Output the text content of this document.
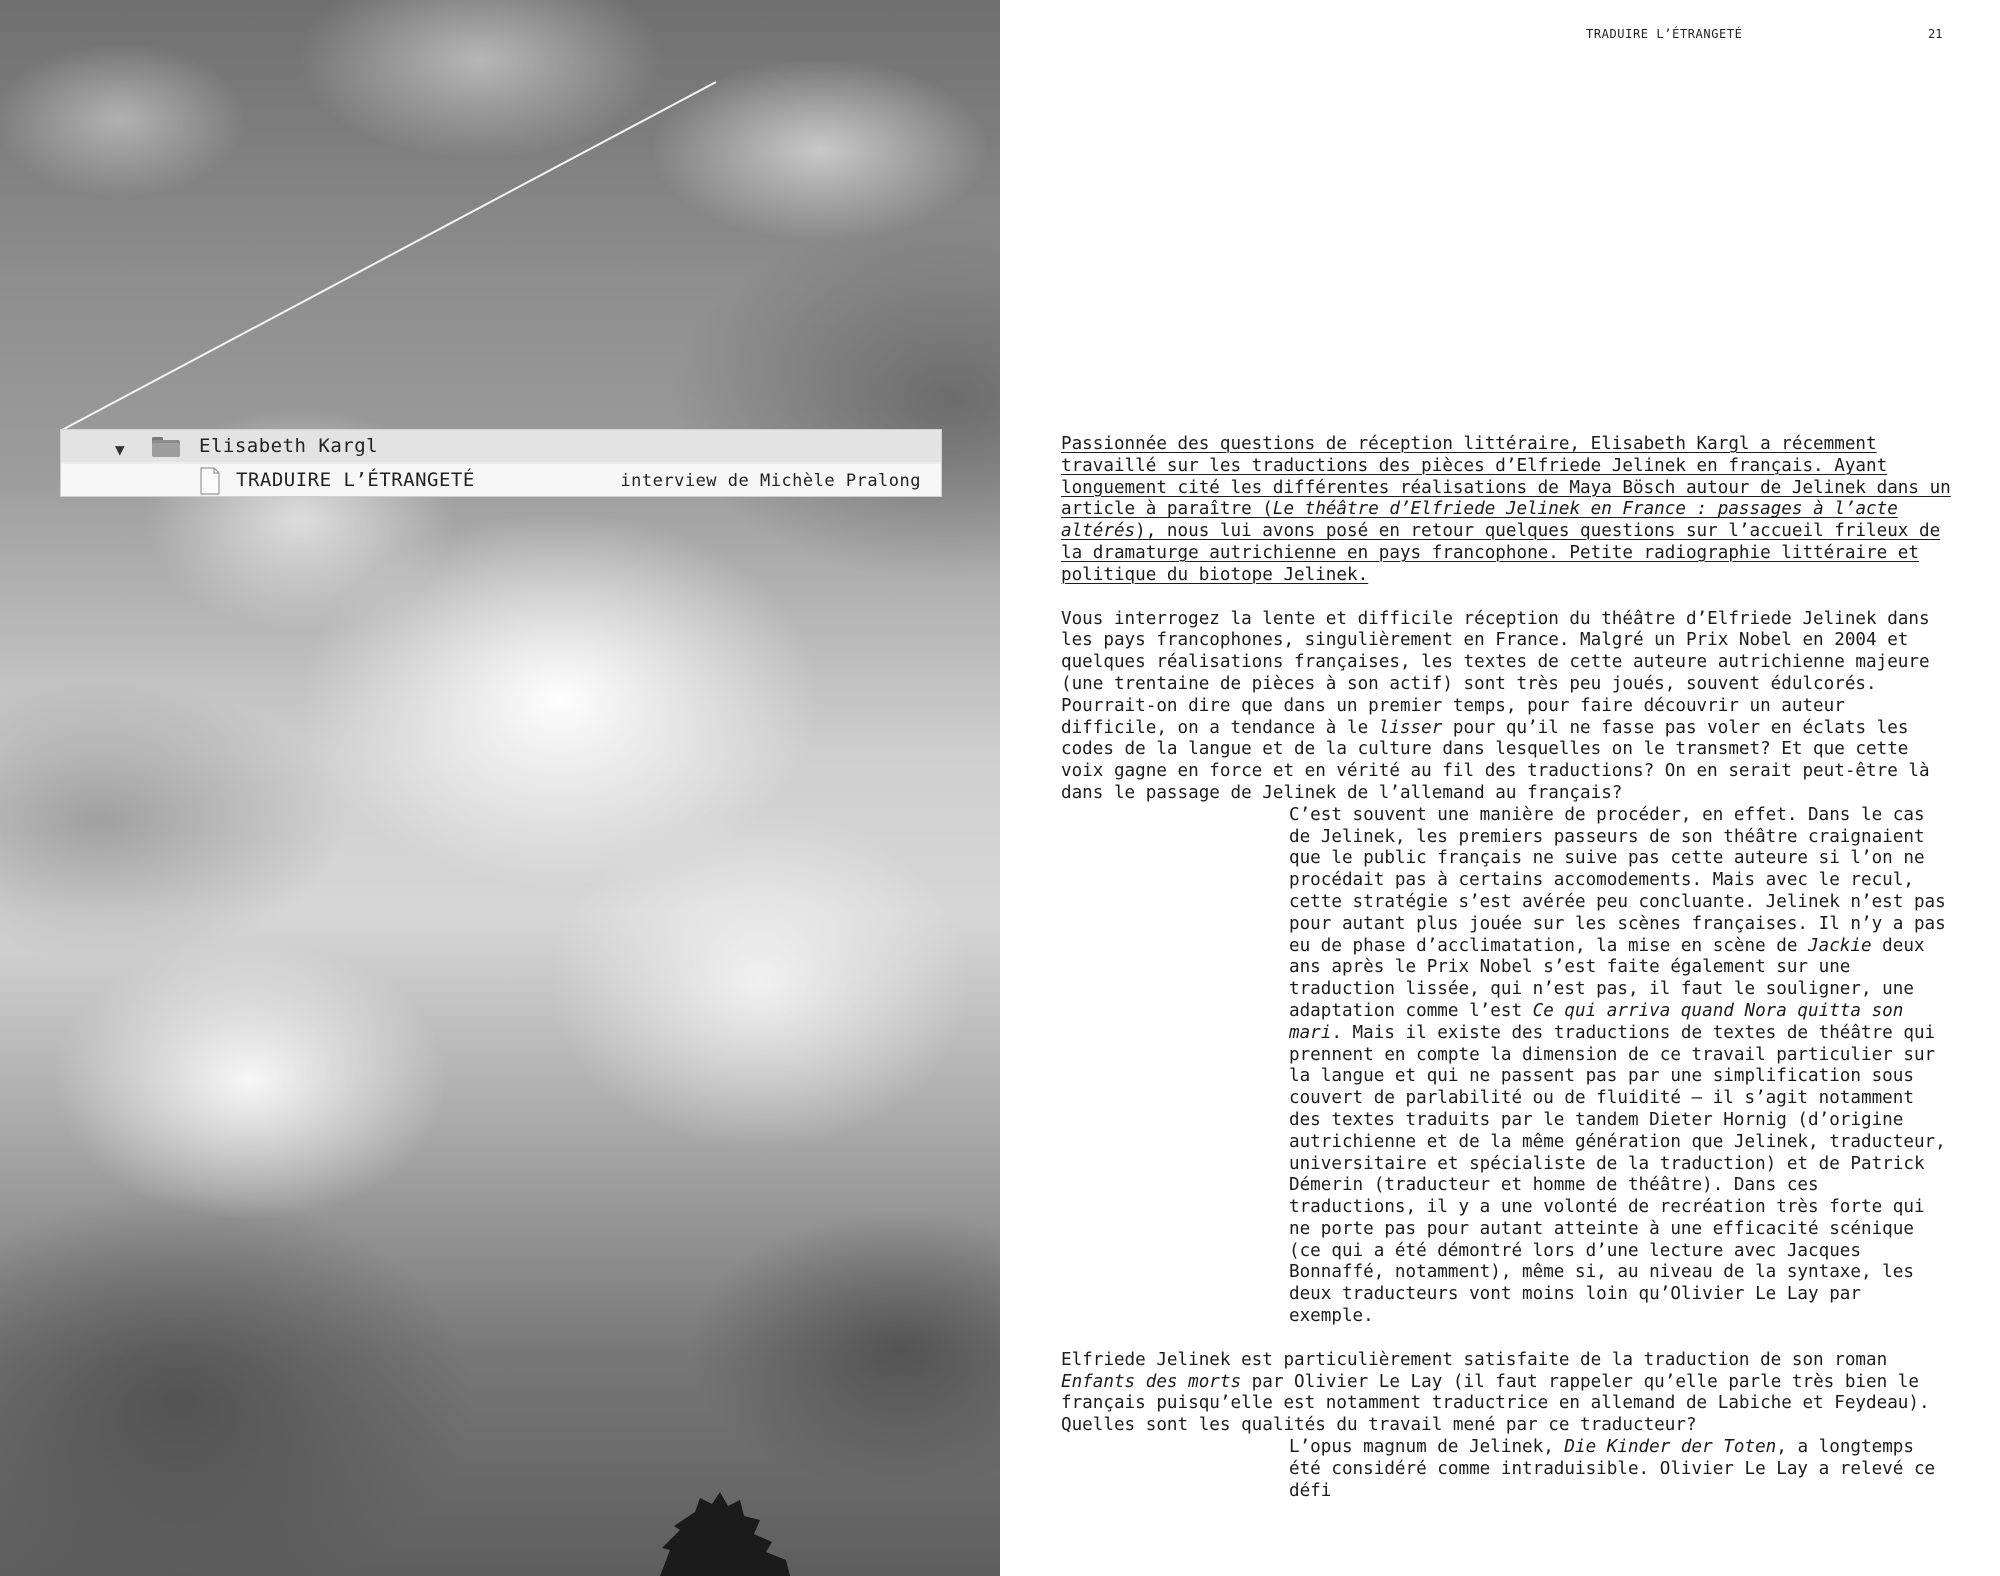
▼	Elisabeth Kargl
TRADUIRE L’ÉTRANGETÉ	interview de Michèle Pralong
TRADUIRE L’ÉTRANGETÉ	21

Passionnée des questions de réception littéraire, Elisabeth Kargl a récemment travaillé sur les traductions des pièces d’Elfriede Jelinek en français. Ayant longuement cité les différentes réalisations de Maya Bösch autour de Jelinek dans un article à paraître (Le théâtre d’Elfriede Jelinek en France : passages à l’acte altérés), nous lui avons posé en retour quelques questions sur l’accueil frileux de la dramaturge autrichienne en pays francophone. Petite radiographie littéraire et politique du biotope Jelinek.

Vous interrogez la lente et difficile réception du théâtre d’Elfriede Jelinek dans les pays francophones, singulièrement en France. Malgré un Prix Nobel en 2004 et quelques réalisations françaises, les textes de cette auteure autrichienne majeure (une trentaine de pièces à son actif) sont très peu joués, souvent édulcorés. Pourrait-on dire que dans un premier temps, pour faire découvrir un auteur difficile, on a tendance à le lisser pour qu’il ne fasse pas voler en éclats les codes de la langue et de la culture dans lesquelles on le transmet? Et que cette voix gagne en force et en vérité au fil des traductions? On en serait peut-être là dans le passage de Jelinek de l’allemand au français?

C’est souvent une manière de procéder, en effet. Dans le cas de Jelinek, les premiers passeurs de son théâtre craignaient que le public français ne suive pas cette auteure si l’on ne procédait pas à certains accomodements. Mais avec le recul, cette stratégie s’est avérée peu concluante. Jelinek n’est pas pour autant plus jouée sur les scènes françaises. Il n’y a pas eu de phase d’acclimatation, la mise en scène de Jackie deux ans après le Prix Nobel s’est faite également sur une traduction lissée, qui n’est pas, il faut le souligner, une adaptation comme l’est Ce qui arriva quand Nora quitta son mari. Mais il existe des traductions de textes de théâtre qui prennent en compte la dimension de ce travail particulier sur la langue et qui ne passent pas par une simplification sous couvert de parlabilité ou de fluidité – il s’agit notamment des textes traduits par le tandem Dieter Hornig (d’origine autrichienne et de la même génération que Jelinek, traducteur, universitaire et spécialiste de la traduction) et de Patrick Démerin (traducteur et homme de théâtre). Dans ces traductions, il y a une volonté de recréation très forte qui ne porte pas pour autant atteinte à une efficacité scénique (ce qui a été démontré lors d’une lecture avec Jacques Bonnaffé, notamment), même si, au niveau de la syntaxe, les deux traducteurs vont moins loin qu’Olivier Le Lay par exemple.

Elfriede Jelinek est particulièrement satisfaite de la traduction de son roman Enfants des morts par Olivier Le Lay (il faut rappeler qu’elle parle très bien le français puisqu’elle est notamment traductrice en allemand de Labiche et Feydeau). Quelles sont les qualités du travail mené par ce traducteur?

L’opus magnum de Jelinek, Die Kinder der Toten, a longtemps été considéré comme intraduisible. Olivier Le Lay a relevé ce défi
